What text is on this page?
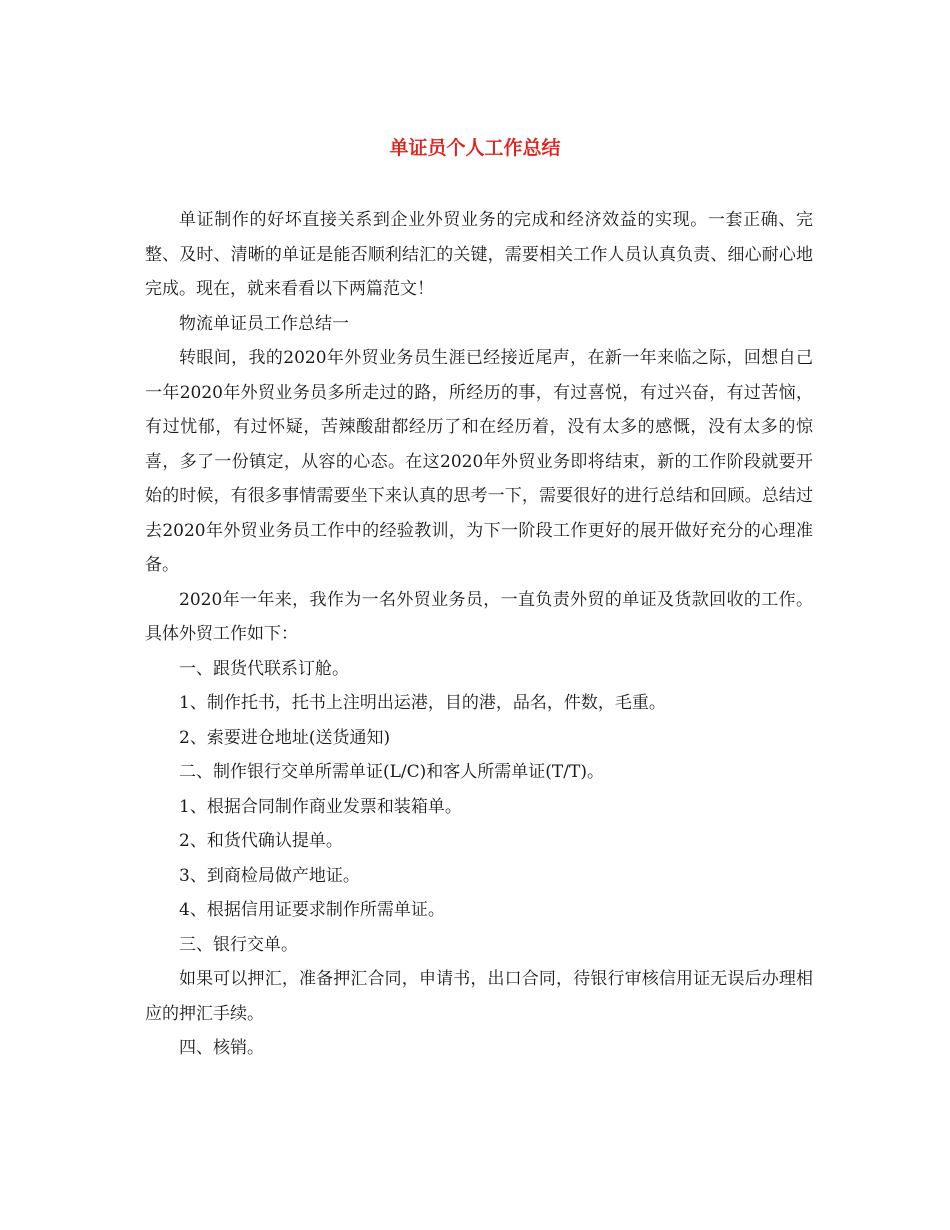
单证员个人工作总结

单证制作的好坏直接关系到企业外贸业务的完成和经济效益的实现。一套正确、完整、及时、清晰的单证是能否顺利结汇的关键，需要相关工作人员认真负责、细心耐心地完成。现在，就来看看以下两篇范文！

物流单证员工作总结一

转眼间，我的2020年外贸业务员生涯已经接近尾声，在新一年来临之际，回想自己一年2020年外贸业务员多所走过的路，所经历的事，有过喜悦，有过兴奋，有过苦恼，有过忧郁，有过怀疑，苦辣酸甜都经历了和在经历着，没有太多的感慨，没有太多的惊喜，多了一份镇定，从容的心态。在这2020年外贸业务即将结束，新的工作阶段就要开始的时候，有很多事情需要坐下来认真的思考一下，需要很好的进行总结和回顾。总结过去2020年外贸业务员工作中的经验教训，为下一阶段工作更好的展开做好充分的心理准备。

2020年一年来，我作为一名外贸业务员，一直负责外贸的单证及货款回收的工作。具体外贸工作如下：

一、跟货代联系订舱。

1、制作托书，托书上注明出运港，目的港，品名，件数，毛重。

2、索要进仓地址(送货通知)

二、制作银行交单所需单证(L/C)和客人所需单证(T/T)。

1、根据合同制作商业发票和装箱单。

2、和货代确认提单。

3、到商检局做产地证。

4、根据信用证要求制作所需单证。

三、银行交单。

如果可以押汇，准备押汇合同，申请书，出口合同，待银行审核信用证无误后办理相应的押汇手续。

四、核销。
